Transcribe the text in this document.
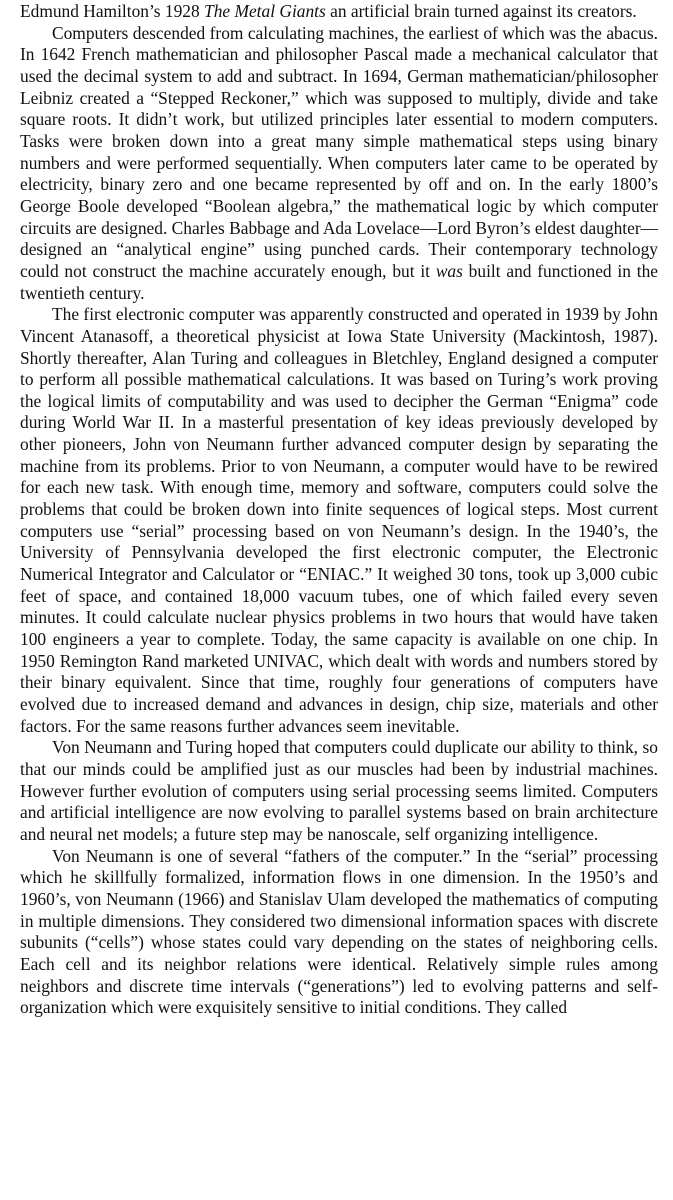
Edmund Hamilton’s 1928 The Metal Giants an artificial brain turned against its creators.

Computers descended from calculating machines, the earliest of which was the abacus. In 1642 French mathematician and philosopher Pascal made a mechanical calculator that used the decimal system to add and subtract. In 1694, German mathematician/philosopher Leibniz created a “Stepped Reckoner,” which was supposed to multiply, divide and take square roots. It didn’t work, but utilized principles later essential to modern computers. Tasks were broken down into a great many simple mathematical steps using binary numbers and were performed sequentially. When computers later came to be operated by electricity, binary zero and one became represented by off and on. In the early 1800’s George Boole developed “Boolean algebra,” the mathematical logic by which computer circuits are designed. Charles Babbage and Ada Lovelace—Lord Byron’s eldest daughter—designed an “analytical engine” using punched cards. Their contemporary technology could not construct the machine accurately enough, but it was built and functioned in the twentieth century.

The first electronic computer was apparently constructed and operated in 1939 by John Vincent Atanasoff, a theoretical physicist at Iowa State University (Mackintosh, 1987). Shortly thereafter, Alan Turing and colleagues in Bletchley, England designed a computer to perform all possible mathematical calculations. It was based on Turing’s work proving the logical limits of computability and was used to decipher the German “Enigma” code during World War II. In a masterful presentation of key ideas previously developed by other pioneers, John von Neumann further advanced computer design by separating the machine from its problems. Prior to von Neumann, a computer would have to be rewired for each new task. With enough time, memory and software, computers could solve the problems that could be broken down into finite sequences of logical steps. Most current computers use “serial” processing based on von Neumann’s design. In the 1940’s, the University of Pennsylvania developed the first electronic computer, the Electronic Numerical Integrator and Calculator or “ENIAC.” It weighed 30 tons, took up 3,000 cubic feet of space, and contained 18,000 vacuum tubes, one of which failed every seven minutes. It could calculate nuclear physics problems in two hours that would have taken 100 engineers a year to complete. Today, the same capacity is available on one chip. In 1950 Remington Rand marketed UNIVAC, which dealt with words and numbers stored by their binary equivalent. Since that time, roughly four generations of computers have evolved due to increased demand and advances in design, chip size, materials and other factors. For the same reasons further advances seem inevitable.

Von Neumann and Turing hoped that computers could duplicate our ability to think, so that our minds could be amplified just as our muscles had been by industrial machines. However further evolution of computers using serial processing seems limited. Computers and artificial intelligence are now evolving to parallel systems based on brain architecture and neural net models; a future step may be nanoscale, self organizing intelligence.

Von Neumann is one of several “fathers of the computer.” In the “serial” processing which he skillfully formalized, information flows in one dimension. In the 1950’s and 1960’s, von Neumann (1966) and Stanislav Ulam developed the mathematics of computing in multiple dimensions. They considered two dimensional information spaces with discrete subunits (“cells”) whose states could vary depending on the states of neighboring cells. Each cell and its neighbor relations were identical. Relatively simple rules among neighbors and discrete time intervals (“generations”) led to evolving patterns and self-organization which were exquisitely sensitive to initial conditions. They called
